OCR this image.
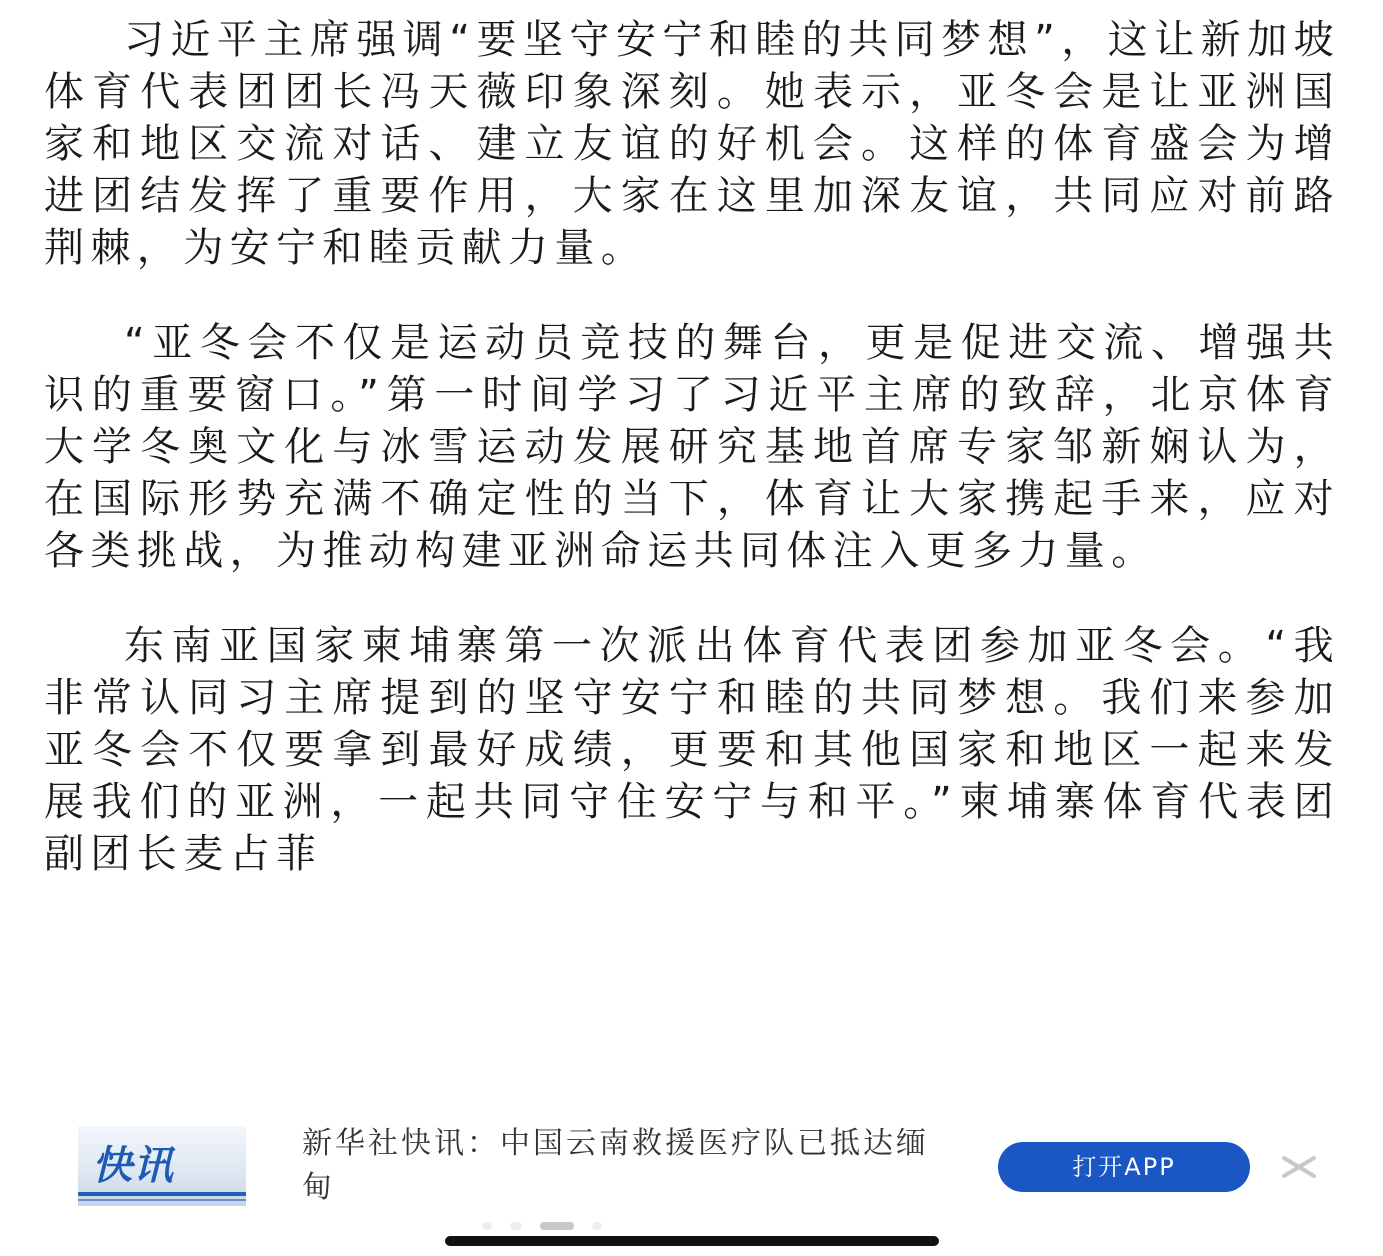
习近平主席强调“要坚守安宁和睦的共同梦想”，这让新加坡体育代表团团长冯天薇印象深刻。她表示，亚冬会是让亚洲国家和地区交流对话、建立友谊的好机会。这样的体育盛会为增进团结发挥了重要作用，大家在这里加深友谊，共同应对前路荆棘，为安宁和睦贡献力量。

“亚冬会不仅是运动员竞技的舞台，更是促进交流、增强共识的重要窗口。”第一时间学习了习近平主席的致辞，北京体育大学冬奥文化与冰雪运动发展研究基地首席专家邹新娴认为，在国际形势充满不确定性的当下，体育让大家携起手来，应对各类挑战，为推动构建亚洲命运共同体注入更多力量。

东南亚国家柬埔寨第一次派出体育代表团参加亚冬会。“我非常认同习主席提到的坚守安宁和睦的共同梦想。我们来参加亚冬会不仅要拿到最好成绩，更要和其他国家和地区一起来发展我们的亚洲，一起共同守住安宁与和平。”柬埔寨体育代表团副团长麦占菲

快讯	新华社快讯：中国云南救援医疗队已抵达缅甸
打开APP
